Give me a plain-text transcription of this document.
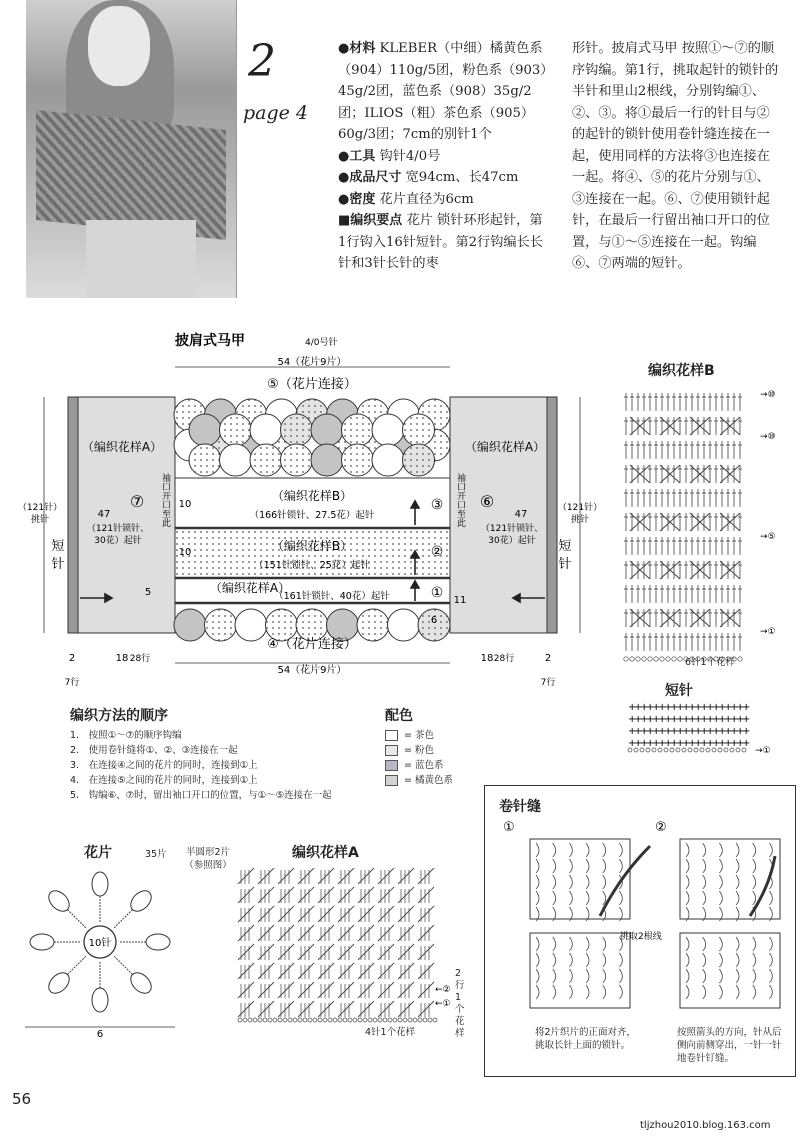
2
page 4

●材料 KLEBER（中细）橘黄色系（904）110g/5团，粉色系（903）45g/2团，蓝色系（908）35g/2团；ILIOS（粗）茶色系（905）60g/3团；7cm的别针1个

●工具 钩针4/0号

●成品尺寸 宽94cm、长47cm

●密度 花片直径为6cm

■编织要点 花片 锁针环形起针，第1行钩入16针短针。第2行钩编长长针和3针长针的枣

形针。披肩式马甲 按照①～⑦的顺序钩编。第1行，挑取起针的锁针的半针和里山2根线，分别钩编①、②、③。将①最后一行的针目与②的起针的锁针使用卷针缝连接在一起，使用同样的方法将③也连接在一起。将④、⑤的花片分别与①、③连接在一起。⑥、⑦使用锁针起针，在最后一行留出袖口开口的位置，与①～⑤连接在一起。钩编⑥、⑦两端的短针。

披肩式马甲	4/0号针
54（花片9片）
⑤（花片连接）
（编织花样B）
（166针锁针、27.5花）起针
（编织花样B）
（151针锁针、25花）起针
（编织花样A）
（161针锁针、40花）起针
③
②
①
（编织花样A）	（编织花样A）
⑦	⑥
47
（121针锁针、
30花）起针
47
（121针锁针、
30花）起针
（121针）
挑针
（121针）
挑针
短
针
短
针
袖口开口至此	袖口开口至此
10
10
5
11
6
④（花片连接）
54（花片9片）
2
7行
18 28行	18 28行	2
7行
编织花样B
→⑩
→⑩
→⑤
→①
6针1个花样
短针
+
+
+
+
+
+
+
+
+
+
+
+
+
+
+
+
+
+
+
+
+
+
+
+
+
+
+
+
+
+
+
+
+
+
+
+
+
+
+
+
+
+
+
+
+
+
+
+
+
+
+
+
+
+
+
+
+
+
+
+
+
+
+
+
+
+
+
+
+
+
+
+
+
+
+
+
+
+
+
+
→①
编织方法的顺序
1.　按照①～⑦的顺序钩编
2.　使用卷针缝将①、②、③连接在一起
3.　在连接④之间的花片的同时，连接到①上
4.　在连接⑤之间的花片的同时，连接到①上
5.　钩编⑥、⑦时，留出袖口开口的位置，与①～⑤连接在一起
配色
= 茶色
= 粉色
= 蓝色系
= 橘黄色系
花片	35片	半圆形2片（参照图）
10针
6
编织花样A
←②
←①
4针1个花样
2行1个花样
卷针缝
①	②
挑取2根线
将2片织片的正面对齐，挑取长针上面的锁针。
按照箭头的方向，针从后侧向前侧穿出，一针一针地卷针钉缝。
56
tljzhou2010.blog.163.com
